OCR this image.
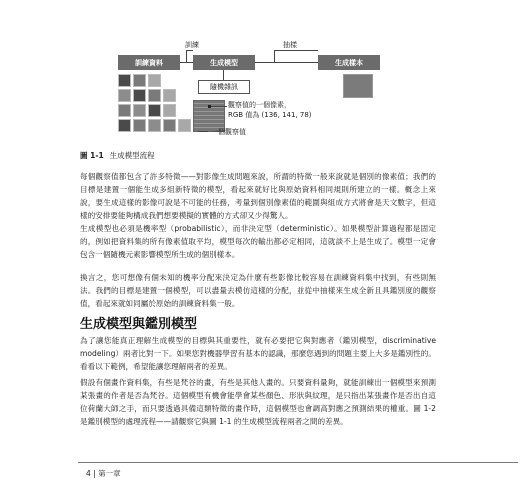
訓練資料	生成模型	生成樣本
隨機雜訊
訓練	抽樣
觀察值的一個像素，
RGB 值為 (136, 141, 78)
一個觀察值
圖 1-1 生成模型流程

每個觀察值都包含了許多特徵——對影像生成問題來說，所謂的特徵一般來說就是個別的像素值；我們的目標是建置一個能生成多組新特徵的模型，看起來就好比與原始資料相同規則所建立的一樣。概念上來說，要生成這樣的影像可說是不可能的任務，考量到個別像素值的範圍與組成方式將會是天文數字，但這樣的安排要能夠構成我們想要模擬的實體的方式卻又少得驚人。

生成模型也必須是機率型（probabilistic），而非決定型（deterministic）。如果模型計算過程都是固定的，例如把資料集的所有像素值取平均，模型每次的輸出都必定相同，這就談不上是生成了。模型一定會包含一個隨機元素影響模型所生成的個別樣本。

換言之，您可想像有個未知的機率分配來決定為什麼有些影像比較容易在訓練資料集中找到，有些則無法。我們的目標是建置一個模型，可以盡量去模仿這樣的分配，並從中抽樣來生成全新且具鑑別度的觀察值，看起來就如同屬於原始的訓練資料集一般。

生成模型與鑑別模型

為了讓您能真正理解生成模型的目標與其重要性，就有必要把它與對應者（鑑別模型，discriminative modeling）兩者比對一下。如果您對機器學習有基本的認識，那麼您遇到的問題主要上大多是鑑別性的。看看以下範例，希望能讓您理解兩者的差異。

假設有個畫作資料集，有些是梵谷的畫，有些是其他人畫的。只要資料量夠，就能訓練出一個模型來預測某張畫的作者是否為梵谷。這個模型有機會能學會某些顏色、形狀與紋理，是只指出某張畫作是否出自這位荷蘭大師之手，而只要透過具備這類特徵的畫作時，這個模型也會調高對應之預測結果的權重。圖 1-2 是鑑別模型的處理流程——請觀察它與圖 1-1 的生成模型流程兩者之間的差異。

4 | 第一章
